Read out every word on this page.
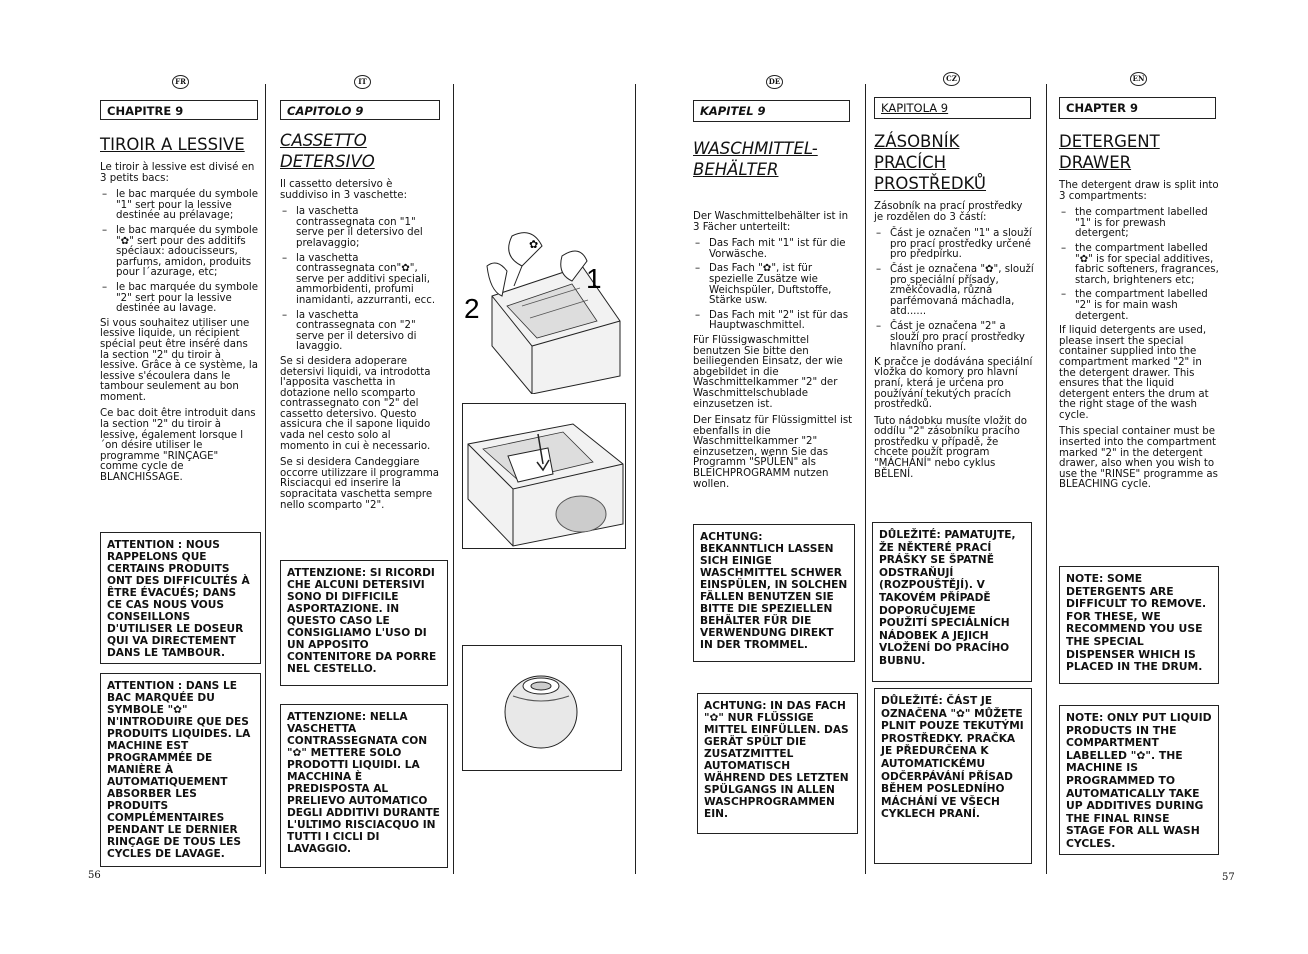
FR	IT	DE	CZ	EN
CHAPITRE 9
TIROIR A LESSIVE

Le tiroir à lessive est divisé en 3 petits bacs:

– le bac marquée du symbole "1" sert pour la lessive destinée au prélavage;
– le bac marquée du symbole "✿" sert pour des additifs spéciaux: adoucisseurs, parfums, amidon, produits pour l´azurage, etc;
– le bac marquée du symbole "2" sert pour la lessive destinée au lavage.

Si vous souhaitez utiliser une lessive liquide, un récipient spécial peut être inséré dans la section "2" du tiroir à lessive. Grâce à ce système, la lessive s'écoulera dans le tambour seulement au bon moment.

Ce bac doit être introduit dans la section "2" du tiroir à lessive, également lorsque l´on désire utiliser le programme "RINÇAGE" comme cycle de BLANCHISSAGE.

ATTENTION : NOUS RAPPELONS QUE CERTAINS PRODUITS ONT DES DIFFICULTÉS À ÊTRE ÉVACUÉS; DANS CE CAS NOUS VOUS CONSEILLONS D'UTILISER LE DOSEUR QUI VA DIRECTEMENT DANS LE TAMBOUR.
ATTENTION : DANS LE BAC MARQUÉE DU SYMBOLE "✿" N'INTRODUIRE QUE DES PRODUITS LIQUIDES. LA MACHINE EST PROGRAMMÉE DE MANIÈRE À AUTOMATIQUEMENT ABSORBER LES PRODUITS COMPLÉMENTAIRES PENDANT LE DERNIER RINÇAGE DE TOUS LES CYCLES DE LAVAGE.
CAPITOLO 9
CASSETTO DETERSIVO

Il cassetto detersivo è suddiviso in 3 vaschette:

– la vaschetta contrassegnata con "1" serve per il detersivo del prelavaggio;
– la vaschetta contrassegnata con"✿", serve per additivi speciali, ammorbidenti, profumi inamidanti, azzurranti, ecc.
– la vaschetta contrassegnata con "2" serve per il detersivo di lavaggio.

Se si desidera adoperare detersivi liquidi, va introdotta l'apposita vaschetta in dotazione nello scomparto contrassegnato con "2" del cassetto detersivo. Questo assicura che il sapone liquido vada nel cesto solo al momento in cui è necessario.

Se si desidera Candeggiare occorre utilizzare il programma Risciacqui ed inserire la sopracitata vaschetta sempre nello scomparto "2".

ATTENZIONE: SI RICORDI CHE ALCUNI DETERSIVI SONO DI DIFFICILE ASPORTAZIONE. IN QUESTO CASO LE CONSIGLIAMO L'USO DI UN APPOSITO CONTENITORE DA PORRE NEL CESTELLO.
ATTENZIONE: NELLA VASCHETTA CONTRASSEGNATA CON "✿" METTERE SOLO PRODOTTI LIQUIDI. LA MACCHINA È PREDISPOSTA AL PRELIEVO AUTOMATICO DEGLI ADDITIVI DURANTE L'ULTIMO RISCIACQUO IN TUTTI I CICLI DI LAVAGGIO.
✿
1
2
56
KAPITEL 9
WASCHMITTEL-BEHÄLTER

Der Waschmittelbehälter ist in 3 Fächer unterteilt:

– Das Fach mit "1" ist für die Vorwäsche.
– Das Fach "✿", ist für spezielle Zusätze wie Weichspüler, Duftstoffe, Stärke usw.
– Das Fach mit "2" ist für das Hauptwaschmittel.

Für Flüssigwaschmittel benutzen Sie bitte den beiliegenden Einsatz, der wie abgebildet in die Waschmittelkammer "2" der Waschmittelschublade einzusetzen ist.

Der Einsatz für Flüssigmittel ist ebenfalls in die Waschmittelkammer "2" einzusetzen, wenn Sie das Programm "SPÜLEN" als BLEICHPROGRAMM nutzen wollen.

ACHTUNG: BEKANNTLICH LASSEN SICH EINIGE WASCHMITTEL SCHWER EINSPÜLEN, IN SOLCHEN FÄLLEN BENUTZEN SIE BITTE DIE SPEZIELLEN BEHÄLTER FÜR DIE VERWENDUNG DIREKT IN DER TROMMEL.
ACHTUNG: IN DAS FACH "✿" NUR FLÜSSIGE MITTEL EINFÜLLEN. DAS GERÄT SPÜLT DIE ZUSATZMITTEL AUTOMATISCH WÄHREND DES LETZTEN SPÜLGANGS IN ALLEN WASCHPROGRAMMEN EIN.
KAPITOLA 9
ZÁSOBNÍK PRACÍCH PROSTŘEDKŮ

Zásobník na prací prostředky je rozdělen do 3 částí:

– Část je označen "1" a slouží pro prací prostředky určené pro předpírku.
– Část je označena "✿", slouží pro speciální přísady, změkčovadla, různá parfémovaná máchadla, atd......
– Část je označena "2" a slouží pro prací prostředky hlavního praní.

K pračce je dodávána speciální vložka do komory pro hlavní praní, která je určena pro používání tekutých pracích prostředků.

Tuto nádobku musíte vložit do oddílu "2" zásobníku pracího prostředku v případě, že chcete použít program "MÁCHÁNÍ" nebo cyklus BĚLENÍ.

DŮLEŽITÉ: PAMATUJTE, ŽE NĚKTERÉ PRACÍ PRÁŠKY SE ŠPATNĚ ODSTRAŇUJÍ (ROZPOUŠTĚJÍ). V TAKOVÉM PŘÍPADĚ DOPORUČUJEME POUŽITÍ SPECIÁLNÍCH NÁDOBEK A JEJICH VLOŽENÍ DO PRACÍHO BUBNU.
DŮLEŽITÉ: ČÁST JE OZNAČENA "✿" MŮŽETE PLNIT POUZE TEKUTÝMI PROSTŘEDKY. PRAČKA JE PŘEDURČENA K AUTOMATICKÉMU ODČERPÁVÁNÍ PŘÍSAD BĚHEM POSLEDNÍHO MÁCHÁNÍ VE VŠECH CYKLECH PRANÍ.
CHAPTER 9
DETERGENT DRAWER

The detergent draw is split into 3 compartments:

– the compartment labelled "1" is for prewash detergent;
– the compartment labelled "✿" is for special additives, fabric softeners, fragrances, starch, brighteners etc;
– the compartment labelled "2" is for main wash detergent.

If liquid detergents are used, please insert the special container supplied into the compartment marked "2" in the detergent drawer. This ensures that the liquid detergent enters the drum at the right stage of the wash cycle.

This special container must be inserted into the compartment marked "2" in the detergent drawer, also when you wish to use the "RINSE" programme as BLEACHING cycle.

NOTE: SOME DETERGENTS ARE DIFFICULT TO REMOVE. FOR THESE, WE RECOMMEND YOU USE THE SPECIAL DISPENSER WHICH IS PLACED IN THE DRUM.
NOTE: ONLY PUT LIQUID PRODUCTS IN THE COMPARTMENT LABELLED "✿". THE MACHINE IS PROGRAMMED TO AUTOMATICALLY TAKE UP ADDITIVES DURING THE FINAL RINSE STAGE FOR ALL WASH CYCLES.
57
